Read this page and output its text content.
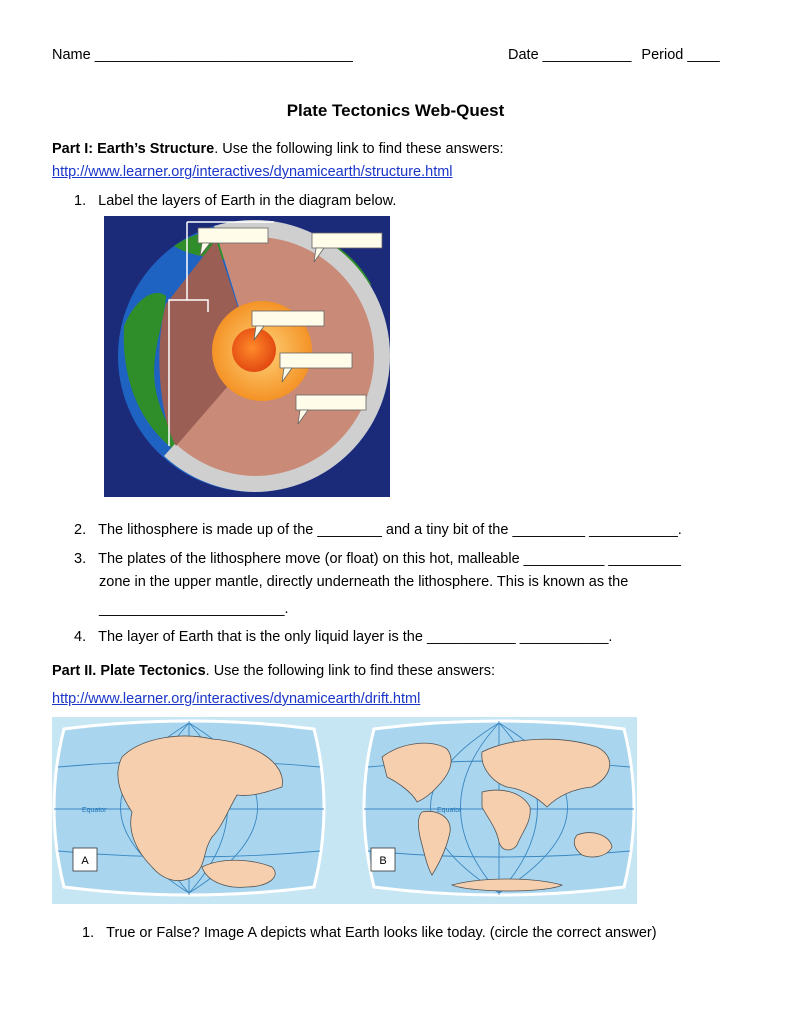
Name ________________________________	Date ___________ Period ____
Plate Tectonics Web-Quest
Part I: Earth’s Structure. Use the following link to find these answers:
http://www.learner.org/interactives/dynamicearth/structure.html
1. Label the layers of Earth in the diagram below.
2. The lithosphere is made up of the ________ and a tiny bit of the _________ ___________.
3. The plates of the lithosphere move (or float) on this hot, malleable __________ _________
zone in the upper mantle, directly underneath the lithosphere. This is known as the
_______________________.
4. The layer of Earth that is the only liquid layer is the ___________ ___________.
Part II. Plate Tectonics. Use the following link to find these answers:
http://www.learner.org/interactives/dynamicearth/drift.html
Equator
A
Equator
B
1. True or False? Image A depicts what Earth looks like today. (circle the correct answer)
